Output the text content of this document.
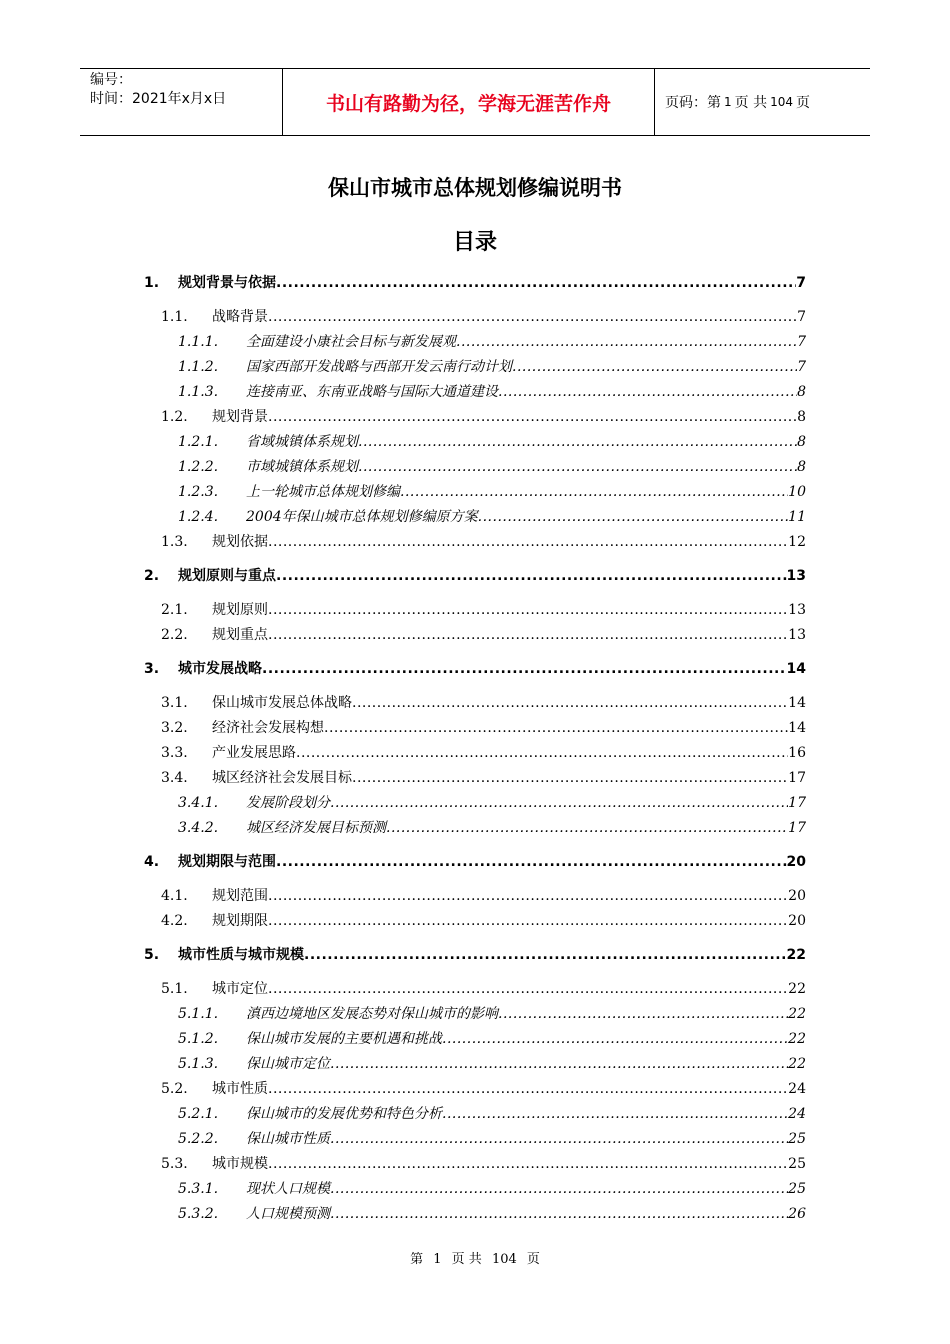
编号：
时间：2021年x月x日	书山有路勤为径，学海无涯苦作舟	页码：第 1 页 共 104 页
保山市城市总体规划修编说明书
目录
1. 规划背景与依据 .....	7
1.1. 战略背景 .....	7
1.1.1. 全面建设小康社会目标与新发展观 .....	7
1.1.2. 国家西部开发战略与西部开发云南行动计划 .....	7
1.1.3. 连接南亚、东南亚战略与国际大通道建设 .....	8
1.2. 规划背景 .....	8
1.2.1. 省域城镇体系规划 .....	8
1.2.2. 市域城镇体系规划 .....	8
1.2.3. 上一轮城市总体规划修编 .....	10
1.2.4. 2004年保山城市总体规划修编原方案 .....	11
1.3. 规划依据 .....	12
2. 规划原则与重点 .....	13
2.1. 规划原则 .....	13
2.2. 规划重点 .....	13
3. 城市发展战略 .....	14
3.1. 保山城市发展总体战略 .....	14
3.2. 经济社会发展构想 .....	14
3.3. 产业发展思路 .....	16
3.4. 城区经济社会发展目标 .....	17
3.4.1. 发展阶段划分 .....	17
3.4.2. 城区经济发展目标预测 .....	17
4. 规划期限与范围 .....	20
4.1. 规划范围 .....	20
4.2. 规划期限 .....	20
5. 城市性质与城市规模 .....	22
5.1. 城市定位 .....	22
5.1.1. 滇西边境地区发展态势对保山城市的影响 .....	22
5.1.2. 保山城市发展的主要机遇和挑战 .....	22
5.1.3. 保山城市定位 .....	22
5.2. 城市性质 .....	24
5.2.1. 保山城市的发展优势和特色分析 .....	24
5.2.2. 保山城市性质 .....	25
5.3. 城市规模 .....	25
5.3.1. 现状人口规模 .....	25
5.3.2. 人口规模预测 .....	26
第 1 页 共 104 页
